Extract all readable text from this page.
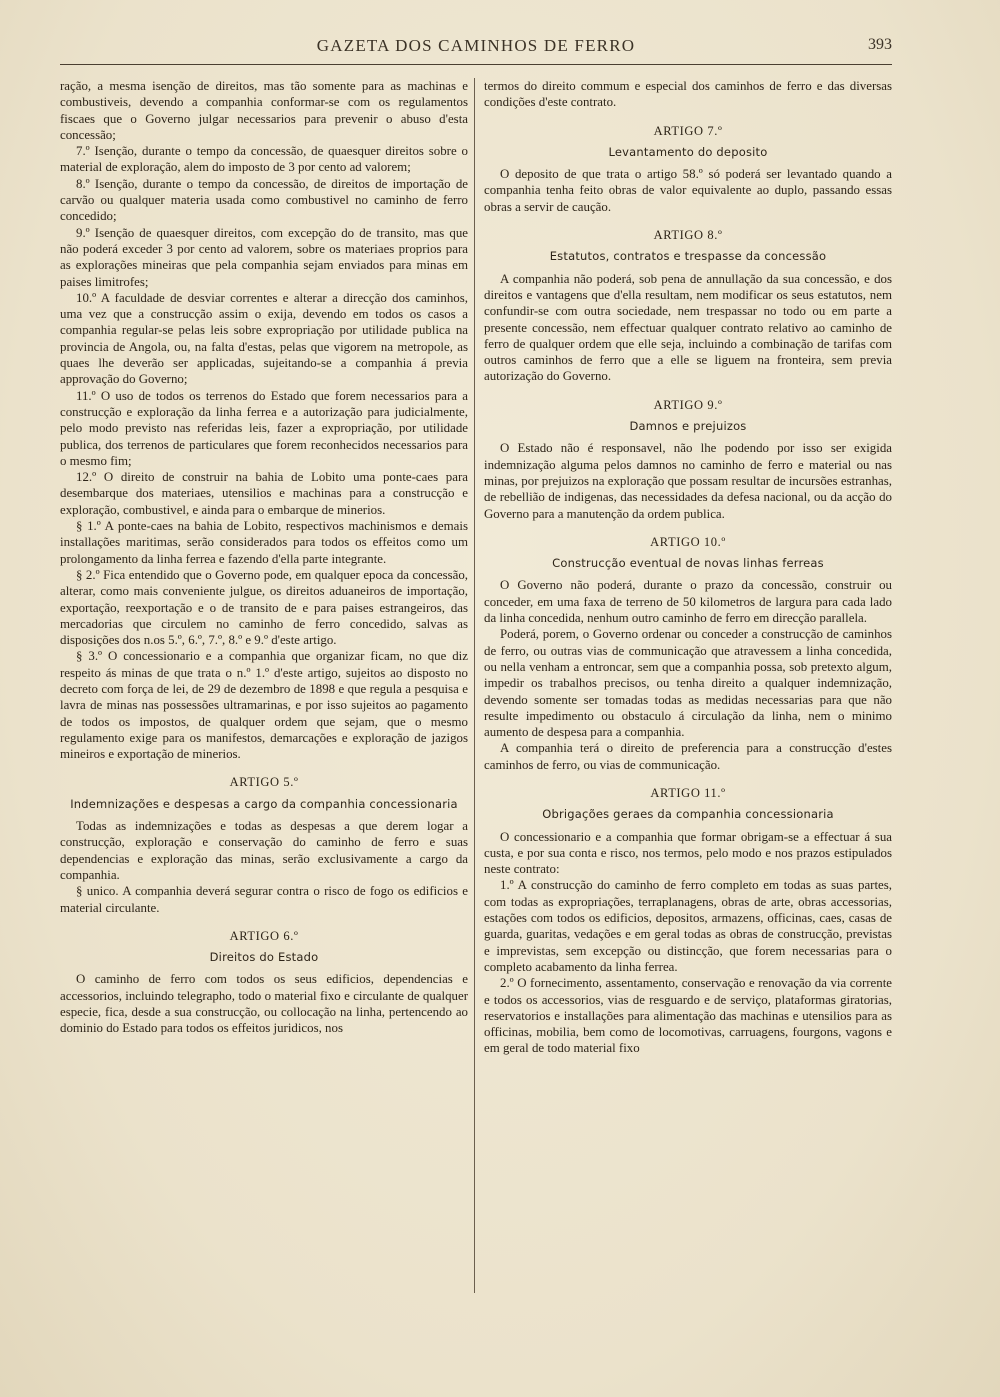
GAZETA DOS CAMINHOS DE FERRO	393
ração, a mesma isenção de direitos, mas tão somente para as machinas e combustiveis, devendo a companhia conformar-se com os regulamentos fiscaes que o Governo julgar necessarios para prevenir o abuso d'esta concessão;
7.º Isenção, durante o tempo da concessão, de quaesquer direitos sobre o material de exploração, alem do imposto de 3 por cento ad valorem;
8.º Isenção, durante o tempo da concessão, de direitos de importação de carvão ou qualquer materia usada como combustivel no caminho de ferro concedido;
9.º Isenção de quaesquer direitos, com excepção do de transito, mas que não poderá exceder 3 por cento ad valorem, sobre os materiaes proprios para as explorações mineiras que pela companhia sejam enviados para minas em paises limitrofes;
10.º A faculdade de desviar correntes e alterar a direcção dos caminhos, uma vez que a construcção assim o exija, devendo em todos os casos a companhia regular-se pelas leis sobre expropriação por utilidade publica na provincia de Angola, ou, na falta d'estas, pelas que vigorem na metropole, as quaes lhe deverão ser applicadas, sujeitando-se a companhia á previa approvação do Governo;
11.º O uso de todos os terrenos do Estado que forem necessarios para a construcção e exploração da linha ferrea e a autorização para judicialmente, pelo modo previsto nas referidas leis, fazer a expropriação, por utilidade publica, dos terrenos de particulares que forem reconhecidos necessarios para o mesmo fim;
12.º O direito de construir na bahia de Lobito uma ponte-caes para desembarque dos materiaes, utensilios e machinas para a construcção e exploração, combustivel, e ainda para o embarque de minerios.
§ 1.º A ponte-caes na bahia de Lobito, respectivos machinismos e demais installações maritimas, serão considerados para todos os effeitos como um prolongamento da linha ferrea e fazendo d'ella parte integrante.
§ 2.º Fica entendido que o Governo pode, em qualquer epoca da concessão, alterar, como mais conveniente julgue, os direitos aduaneiros de importação, exportação, reexportação e o de transito de e para paises estrangeiros, das mercadorias que circulem no caminho de ferro concedido, salvas as disposições dos n.os 5.º, 6.º, 7.º, 8.º e 9.º d'este artigo.
§ 3.º O concessionario e a companhia que organizar ficam, no que diz respeito ás minas de que trata o n.º 1.º d'este artigo, sujeitos ao disposto no decreto com força de lei, de 29 de dezembro de 1898 e que regula a pesquisa e lavra de minas nas possessões ultramarinas, e por isso sujeitos ao pagamento de todos os impostos, de qualquer ordem que sejam, que o mesmo regulamento exige para os manifestos, demarcações e exploração de jazigos mineiros e exportação de minerios.
ARTIGO 5.º
Indemnizações e despesas a cargo da companhia concessionaria
Todas as indemnizações e todas as despesas a que derem logar a construcção, exploração e conservação do caminho de ferro e suas dependencias e exploração das minas, serão exclusivamente a cargo da companhia.
§ unico. A companhia deverá segurar contra o risco de fogo os edificios e material circulante.
ARTIGO 6.º
Direitos do Estado
O caminho de ferro com todos os seus edificios, dependencias e accessorios, incluindo telegrapho, todo o material fixo e circulante de qualquer especie, fica, desde a sua construcção, ou collocação na linha, pertencendo ao dominio do Estado para todos os effeitos juridicos, nos
termos do direito commum e especial dos caminhos de ferro e das diversas condições d'este contrato.
ARTIGO 7.º
Levantamento do deposito
O deposito de que trata o artigo 58.º só poderá ser levantado quando a companhia tenha feito obras de valor equivalente ao duplo, passando essas obras a servir de caução.
ARTIGO 8.º
Estatutos, contratos e trespasse da concessão
A companhia não poderá, sob pena de annullação da sua concessão, e dos direitos e vantagens que d'ella resultam, nem modificar os seus estatutos, nem confundir-se com outra sociedade, nem trespassar no todo ou em parte a presente concessão, nem effectuar qualquer contrato relativo ao caminho de ferro de qualquer ordem que elle seja, incluindo a combinação de tarifas com outros caminhos de ferro que a elle se liguem na fronteira, sem previa autorização do Governo.
ARTIGO 9.º
Damnos e prejuizos
O Estado não é responsavel, não lhe podendo por isso ser exigida indemnização alguma pelos damnos no caminho de ferro e material ou nas minas, por prejuizos na exploração que possam resultar de incursões estranhas, de rebellião de indigenas, das necessidades da defesa nacional, ou da acção do Governo para a manutenção da ordem publica.
ARTIGO 10.º
Construcção eventual de novas linhas ferreas
O Governo não poderá, durante o prazo da concessão, construir ou conceder, em uma faxa de terreno de 50 kilometros de largura para cada lado da linha concedida, nenhum outro caminho de ferro em direcção parallela.
Poderá, porem, o Governo ordenar ou conceder a construcção de caminhos de ferro, ou outras vias de communicação que atravessem a linha concedida, ou nella venham a entroncar, sem que a companhia possa, sob pretexto algum, impedir os trabalhos precisos, ou tenha direito a qualquer indemnização, devendo somente ser tomadas todas as medidas necessarias para que não resulte impedimento ou obstaculo á circulação da linha, nem o minimo aumento de despesa para a companhia.
A companhia terá o direito de preferencia para a construcção d'estes caminhos de ferro, ou vias de communicação.
ARTIGO 11.º
Obrigações geraes da companhia concessionaria
O concessionario e a companhia que formar obrigam-se a effectuar á sua custa, e por sua conta e risco, nos termos, pelo modo e nos prazos estipulados neste contrato:
1.º A construcção do caminho de ferro completo em todas as suas partes, com todas as expropriações, terraplanagens, obras de arte, obras accessorias, estações com todos os edificios, depositos, armazens, officinas, caes, casas de guarda, guaritas, vedações e em geral todas as obras de construcção, previstas e imprevistas, sem excepção ou distincção, que forem necessarias para o completo acabamento da linha ferrea.
2.º O fornecimento, assentamento, conservação e renovação da via corrente e todos os accessorios, vias de resguardo e de serviço, plataformas giratorias, reservatorios e installações para alimentação das machinas e utensilios para as officinas, mobilia, bem como de locomotivas, carruagens, fourgons, vagons e em geral de todo material fixo
